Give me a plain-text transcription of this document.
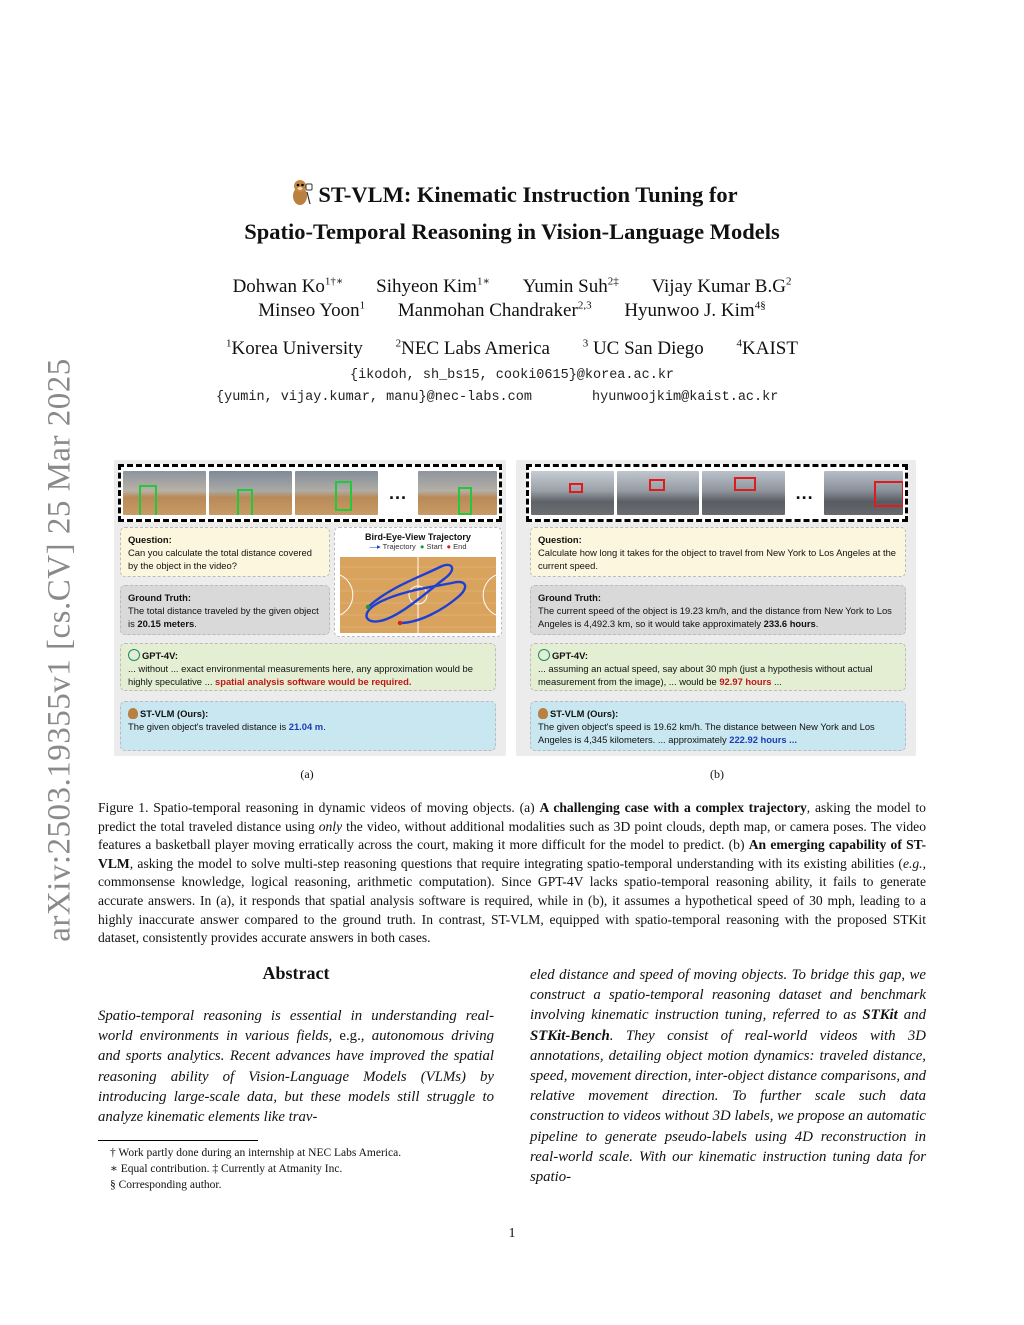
arXiv:2503.19355v1 [cs.CV] 25 Mar 2025
ST-VLM: Kinematic Instruction Tuning for
Spatio-Temporal Reasoning in Vision-Language Models
Dohwan $Ko^{1\dagger∗}$ Sihyeon Kim$^{1∗}$ Yumin Suh$^{2\ddagger}$ Vijay Kumar $B.G^2$
Minseo Yoon$^1$ Manmohan Chandraker$^{2,3}$ Hyunwoo J. Kim$^{4\S}$
$^1$Korea University	$^2$NEC Labs America	$^3$ UC San Diego	$^4$KAIST
{ikodoh, sh_bs15, cooki0615}@korea.ac.kr
{yumin, vijay.kumar, manu}@nec-labs.com	hyunwoojkim@kaist.ac.kr
...
Question:
Can you calculate the total distance covered by the object in the video?
Ground Truth:
The total distance traveled by the given object is 20.15 meters.
Bird-Eye-View Trajectory
—▸ Trajectory ● Start ● End
GPT-4V:
... without ... exact environmental measurements here, any approximation would be highly speculative ... spatial analysis software would be required.
ST-VLM (Ours):
The given object's traveled distance is 21.04 m.
(a)
...
Question:
Calculate how long it takes for the object to travel from New York to Los Angeles at the current speed.
Ground Truth:
The current speed of the object is 19.23 km/h, and the distance from New York to Los Angeles is 4,492.3 km, so it would take approximately 233.6 hours.
GPT-4V:
... assuming an actual speed, say about 30 mph (just a hypothesis without actual measurement from the image), ... would be 92.97 hours ...
ST-VLM (Ours):
The given object's speed is 19.62 km/h. The distance between New York and Los Angeles is 4,345 kilometers. ... approximately 222.92 hours ...
(b)
Figure 1. Spatio-temporal reasoning in dynamic videos of moving objects. (a) A challenging case with a complex trajectory, asking the model to predict the total traveled distance using only the video, without additional modalities such as 3D point clouds, depth map, or camera poses. The video features a basketball player moving erratically across the court, making it more difficult for the model to predict. (b) An emerging capability of ST-VLM, asking the model to solve multi-step reasoning questions that require integrating spatio-temporal understanding with its existing abilities (e.g., commonsense knowledge, logical reasoning, arithmetic computation). Since GPT-4V lacks spatio-temporal reasoning ability, it fails to generate accurate answers. In (a), it responds that spatial analysis software is required, while in (b), it assumes a hypothetical speed of 30 mph, leading to a highly inaccurate answer compared to the ground truth. In contrast, ST-VLM, equipped with spatio-temporal reasoning with the proposed STKit dataset, consistently provides accurate answers in both cases.
Abstract
Spatio-temporal reasoning is essential in understanding real-world environments in various fields, e.g., autonomous driving and sports analytics. Recent advances have improved the spatial reasoning ability of Vision-Language Models (VLMs) by introducing large-scale data, but these models still struggle to analyze kinematic elements like trav-
eled distance and speed of moving objects. To bridge this gap, we construct a spatio-temporal reasoning dataset and benchmark involving kinematic instruction tuning, referred to as STKit and STKit-Bench. They consist of real-world videos with 3D annotations, detailing object motion dynamics: traveled distance, speed, movement direction, inter-object distance comparisons, and relative movement direction. To further scale such data construction to videos without 3D labels, we propose an automatic pipeline to generate pseudo-labels using 4D reconstruction in real-world scale. With our kinematic instruction tuning data for spatio-
† Work partly done during an internship at NEC Labs America.
∗ Equal contribution. ‡ Currently at Atmanity Inc.
§ Corresponding author.
1
